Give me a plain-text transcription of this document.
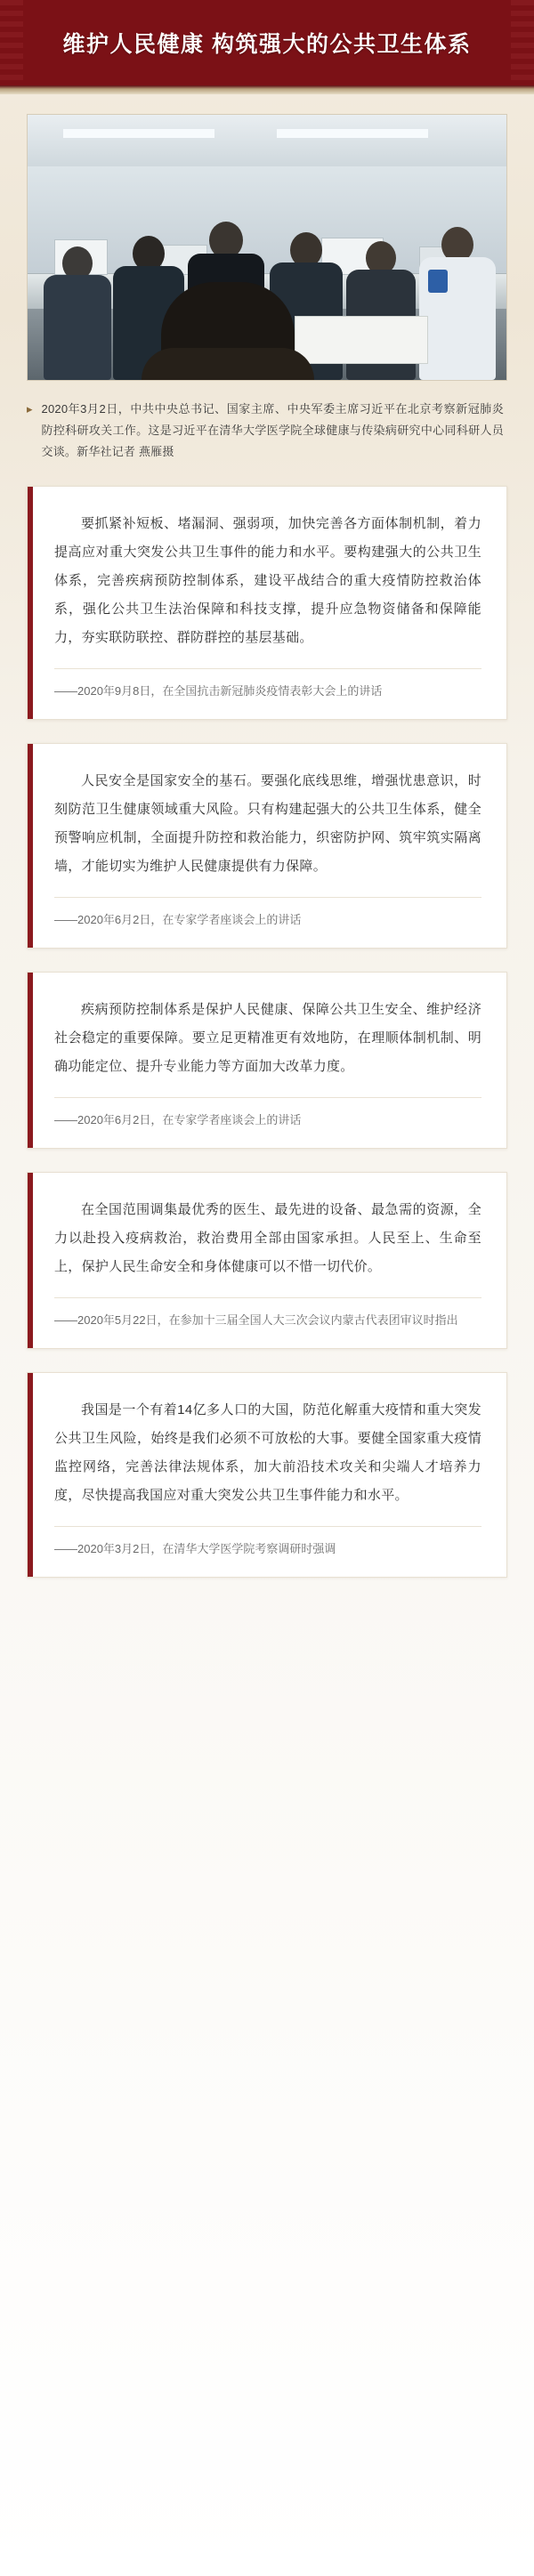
维护人民健康 构筑强大的公共卫生体系
▸ 2020年3月2日，中共中央总书记、国家主席、中央军委主席习近平在北京考察新冠肺炎防控科研攻关工作。这是习近平在清华大学医学院全球健康与传染病研究中心同科研人员交谈。新华社记者 燕雁摄
要抓紧补短板、堵漏洞、强弱项，加快完善各方面体制机制，着力提高应对重大突发公共卫生事件的能力和水平。要构建强大的公共卫生体系，完善疾病预防控制体系，建设平战结合的重大疫情防控救治体系，强化公共卫生法治保障和科技支撑，提升应急物资储备和保障能力，夯实联防联控、群防群控的基层基础。
——2020年9月8日，在全国抗击新冠肺炎疫情表彰大会上的讲话
人民安全是国家安全的基石。要强化底线思维，增强忧患意识，时刻防范卫生健康领域重大风险。只有构建起强大的公共卫生体系，健全预警响应机制，全面提升防控和救治能力，织密防护网、筑牢筑实隔离墙，才能切实为维护人民健康提供有力保障。
——2020年6月2日，在专家学者座谈会上的讲话
疾病预防控制体系是保护人民健康、保障公共卫生安全、维护经济社会稳定的重要保障。要立足更精准更有效地防，在理顺体制机制、明确功能定位、提升专业能力等方面加大改革力度。
——2020年6月2日，在专家学者座谈会上的讲话
在全国范围调集最优秀的医生、最先进的设备、最急需的资源，全力以赴投入疫病救治，救治费用全部由国家承担。人民至上、生命至上，保护人民生命安全和身体健康可以不惜一切代价。
——2020年5月22日，在参加十三届全国人大三次会议内蒙古代表团审议时指出
我国是一个有着14亿多人口的大国，防范化解重大疫情和重大突发公共卫生风险，始终是我们必须不可放松的大事。要健全国家重大疫情监控网络，完善法律法规体系，加大前沿技术攻关和尖端人才培养力度，尽快提高我国应对重大突发公共卫生事件能力和水平。
——2020年3月2日，在清华大学医学院考察调研时强调
